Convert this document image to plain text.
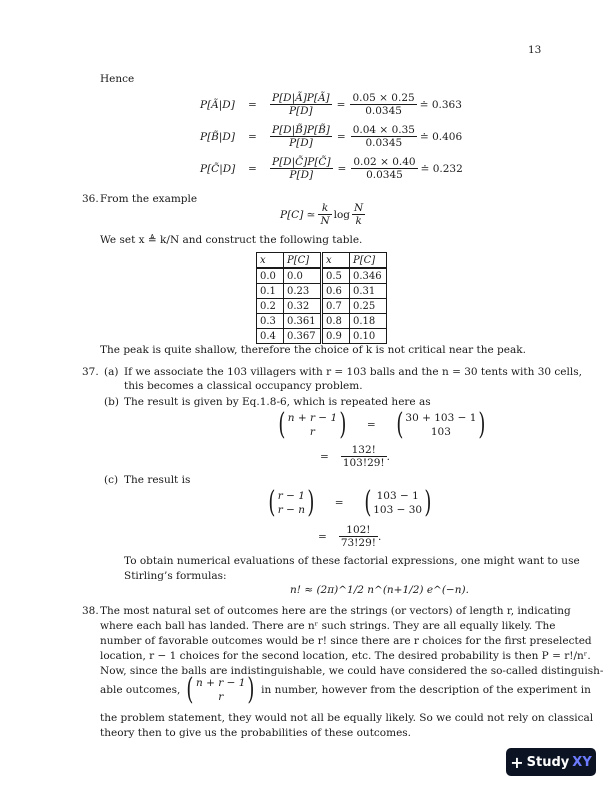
13
Hence
P[Ã|D]	=	$\frac{P[D|Ã]P[Ã]}{P[D]} = \frac{0.05 \times 0.25}{0.0345}$ ≐ 0.363
P[B̃|D]	=	$\frac{P[D|B̃]P[B̃]}{P[D]} = \frac{0.04 \times 0.35}{0.0345}$ ≐ 0.406
P[C̃|D]	=	$\frac{P[D|C̃]P[C̃]}{P[D]} = \frac{0.02 \times 0.40}{0.0345}$ ≐ 0.232
36. From the example
P[C] ≃ $\frac{k}{N}$ $\log \frac{N}{k}$
We set x ≜ k/N and construct the following table.
x	P[C]	x	P[C]
0.0	0.0	0.5	0.346
0.1	0.23	0.6	0.31
0.2	0.32	0.7	0.25
0.3	0.361	0.8	0.18
0.4	0.367	0.9	0.10
The peak is quite shallow, therefore the choice of k is not critical near the peak.
37. (a) If we associate the 103 villagers with r = 103 balls and the n = 30 tents with 30 cells,
this becomes a classical occupancy problem.
(b) The result is given by Eq.1.8-6, which is repeated here as
( n + r − 1
r ) = ( 30 + 103 − 1
103 )
= $\frac{132!}{103!29!}$ .
(c) The result is
( r − 1
r − n ) = ( 103 − 1
103 − 30 )
= $\frac{102!}{73!29!}$ .
To obtain numerical evaluations of these factorial expressions, one might want to use
Stirling’s formulas:
n! ≈ (2π)^1/2 n^(n+1/2) e^(−n).
38. The most natural set of outcomes here are the strings (or vectors) of length r, indicating
where each ball has landed. There are nʳ such strings. They are all equally likely. The
number of favorable outcomes would be r! since there are r choices for the first preselected
location, r − 1 choices for the second location, etc. The desired probability is then P = r!/nʳ.
Now, since the balls are indistinguishable, we could have considered the so-called distinguish-
able outcomes, ( n + r − 1
r ) in number, however from the description of the experiment in
the problem statement, they would not all be equally likely. So we could not rely on classical
theory then to give us the probabilities of these outcomes.
+ Study XY
